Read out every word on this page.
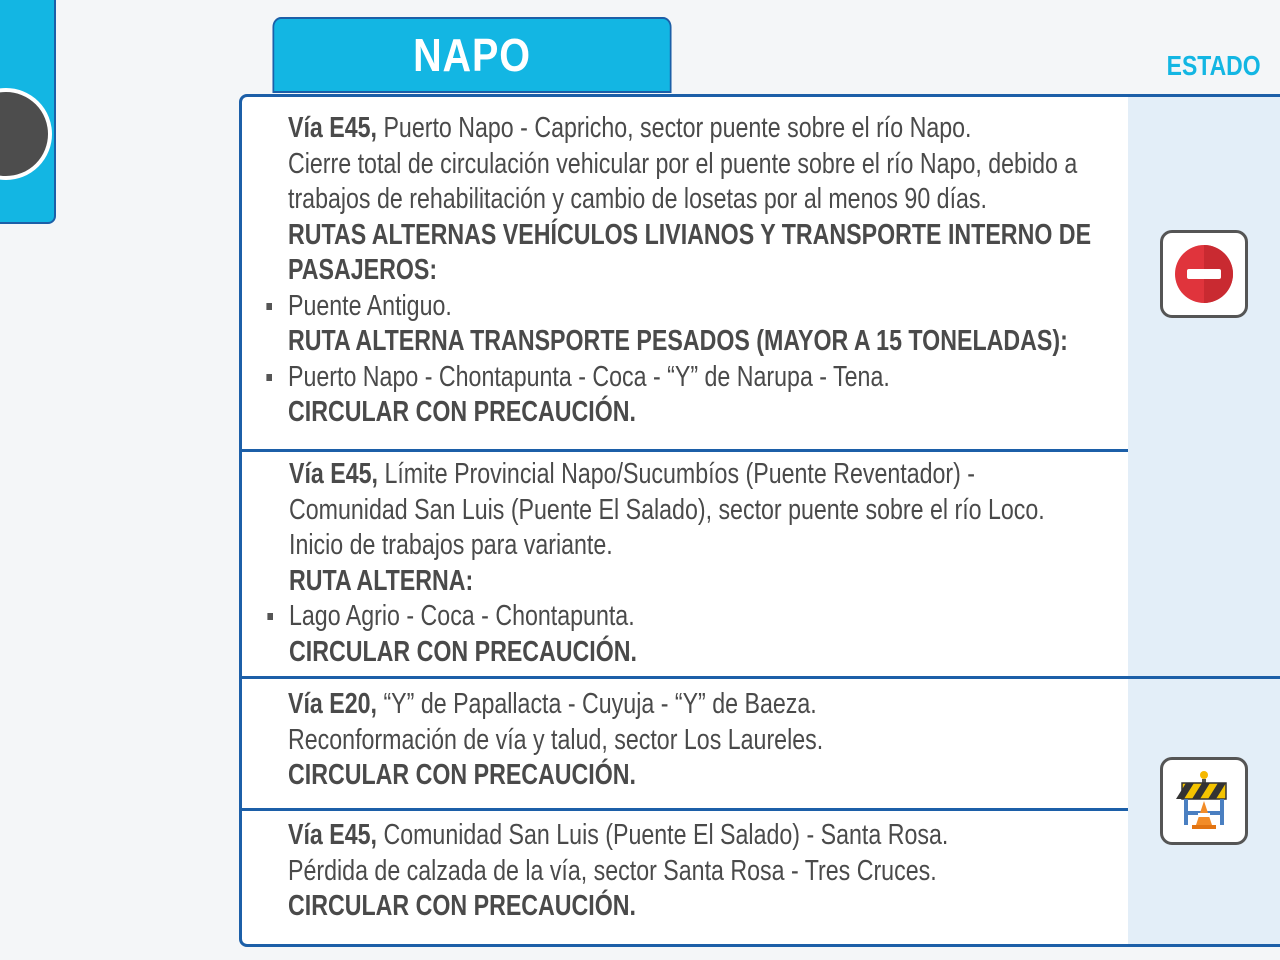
NAPO	ESTADO
Vía E45, Puerto Napo - Capricho, sector puente sobre el río Napo.
Cierre total de circulación vehicular por el puente sobre el río Napo, debido a
trabajos de rehabilitación y cambio de losetas por al menos 90 días.
RUTAS ALTERNAS VEHÍCULOS LIVIANOS Y TRANSPORTE INTERNO DE
PASAJEROS:
Puente Antiguo.
RUTA ALTERNA TRANSPORTE PESADOS (MAYOR A 15 TONELADAS):
Puerto Napo - Chontapunta - Coca - “Y” de Narupa - Tena.
CIRCULAR CON PRECAUCIÓN.
Vía E45, Límite Provincial Napo/Sucumbíos (Puente Reventador) -
Comunidad San Luis (Puente El Salado), sector puente sobre el río Loco.
Inicio de trabajos para variante.
RUTA ALTERNA:
Lago Agrio - Coca - Chontapunta.
CIRCULAR CON PRECAUCIÓN.
Vía E20, “Y” de Papallacta - Cuyuja - “Y” de Baeza.
Reconformación de vía y talud, sector Los Laureles.
CIRCULAR CON PRECAUCIÓN.
Vía E45, Comunidad San Luis (Puente El Salado) - Santa Rosa.
Pérdida de calzada de la vía, sector Santa Rosa - Tres Cruces.
CIRCULAR CON PRECAUCIÓN.
